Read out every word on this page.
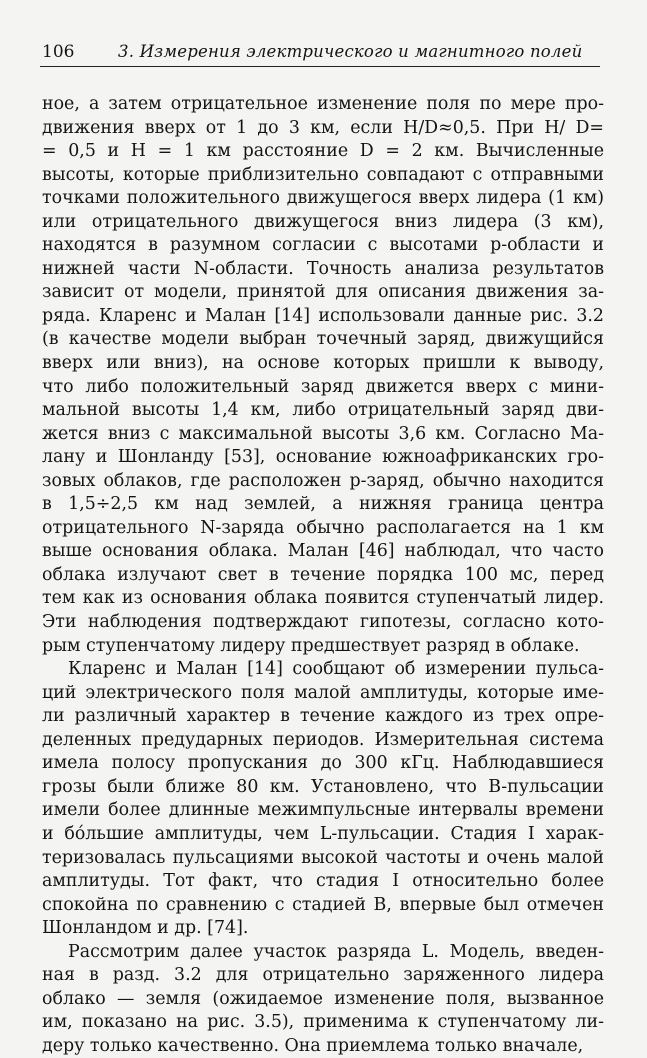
106	3. Измерения электрического и магнитного полей
ное, а затем отрицательное изменение поля по мере про-
движения вверх от 1 до 3 км, если H/D≈0,5. При H/ D=
= 0,5 и H = 1 км расстояние D = 2 км. Вычисленные
высоты, которые приблизительно совпадают с отправными
точками положительного движущегося вверх лидера (1 км)
или отрицательного движущегося вниз лидера (3 км),
находятся в разумном согласии с высотами p-области и
нижней части N-области. Точность анализа результатов
зависит от модели, принятой для описания движения за-
ряда. Кларенс и Малан [14] использовали данные рис. 3.2
(в качестве модели выбран точечный заряд, движущийся
вверх или вниз), на основе которых пришли к выводу,
что либо положительный заряд движется вверх с мини-
мальной высоты 1,4 км, либо отрицательный заряд дви-
жется вниз с максимальной высоты 3,6 км. Согласно Ма-
лану и Шонланду [53], основание южноафриканских гро-
зовых облаков, где расположен p-заряд, обычно находится
в 1,5÷2,5 км над землей, а нижняя граница центра
отрицательного N-заряда обычно располагается на 1 км
выше основания облака. Малан [46] наблюдал, что часто
облака излучают свет в течение порядка 100 мс, перед
тем как из основания облака появится ступенчатый лидер.
Эти наблюдения подтверждают гипотезы, согласно кото-
рым ступенчатому лидеру предшествует разряд в облаке.
Кларенс и Малан [14] сообщают об измерении пульса-
ций электрического поля малой амплитуды, которые име-
ли различный характер в течение каждого из трех опре-
деленных предударных периодов. Измерительная система
имела полосу пропускания до 300 кГц. Наблюдавшиеся
грозы были ближе 80 км. Установлено, что B-пульсации
имели более длинные межимпульсные интервалы времени
и бо́льшие амплитуды, чем L-пульсации. Стадия I харак-
теризовалась пульсациями высокой частоты и очень малой
амплитуды. Тот факт, что стадия I относительно более
спокойна по сравнению с стадией B, впервые был отмечен
Шонландом и др. [74].
Рассмотрим далее участок разряда L. Модель, введен-
ная в разд. 3.2 для отрицательно заряженного лидера
облако — земля (ожидаемое изменение поля, вызванное
им, показано на рис. 3.5), применима к ступенчатому ли-
деру только качественно. Она приемлема только вначале,
